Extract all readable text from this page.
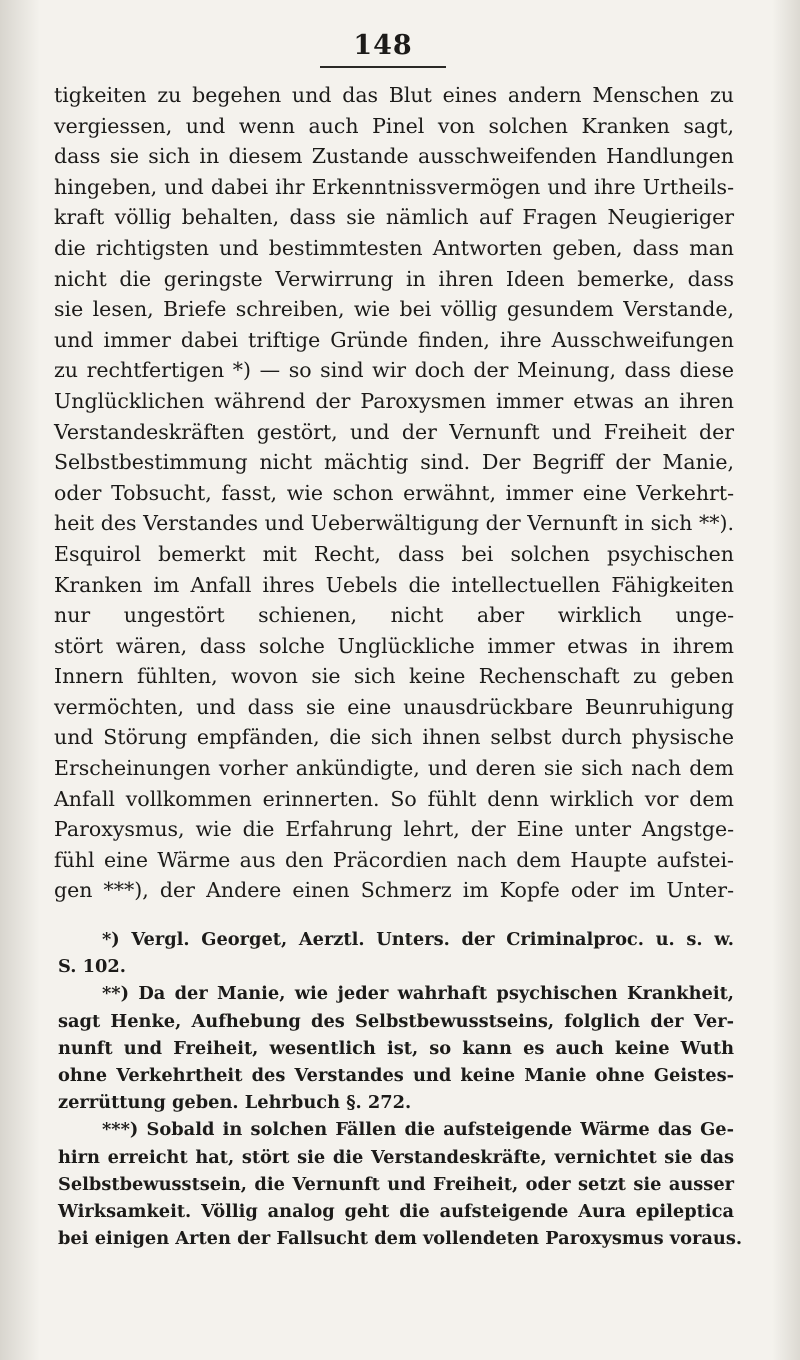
148
tigkeiten zu begehen und das Blut eines andern Menschen zu
vergiessen, und wenn auch Pinel von solchen Kranken sagt,
dass sie sich in diesem Zustande ausschweifenden Handlungen
hingeben, und dabei ihr Erkenntnissvermögen und ihre Urtheils-
kraft völlig behalten, dass sie nämlich auf Fragen Neugieriger
die richtigsten und bestimmtesten Antworten geben, dass man
nicht die geringste Verwirrung in ihren Ideen bemerke, dass
sie lesen, Briefe schreiben, wie bei völlig gesundem Verstande,
und immer dabei triftige Gründe finden, ihre Ausschweifungen
zu rechtfertigen *) — so sind wir doch der Meinung, dass diese
Unglücklichen während der Paroxysmen immer etwas an ihren
Verstandeskräften gestört, und der Vernunft und Freiheit der
Selbstbestimmung nicht mächtig sind. Der Begriff der Manie,
oder Tobsucht, fasst, wie schon erwähnt, immer eine Verkehrt-
heit des Verstandes und Ueberwältigung der Vernunft in sich **).
Esquirol bemerkt mit Recht, dass bei solchen psychischen
Kranken im Anfall ihres Uebels die intellectuellen Fähigkeiten
nur ungestört schienen, nicht aber wirklich unge-
stört wären, dass solche Unglückliche immer etwas in ihrem
Innern fühlten, wovon sie sich keine Rechenschaft zu geben
vermöchten, und dass sie eine unausdrückbare Beunruhigung
und Störung empfänden, die sich ihnen selbst durch physische
Erscheinungen vorher ankündigte, und deren sie sich nach dem
Anfall vollkommen erinnerten. So fühlt denn wirklich vor dem
Paroxysmus, wie die Erfahrung lehrt, der Eine unter Angstge-
fühl eine Wärme aus den Präcordien nach dem Haupte aufstei-
gen ***), der Andere einen Schmerz im Kopfe oder im Unter-
*) Vergl. Georget, Aerztl. Unters. der Criminalproc. u. s. w.
S. 102.
**) Da der Manie, wie jeder wahrhaft psychischen Krankheit,
sagt Henke, Aufhebung des Selbstbewusstseins, folglich der Ver-
nunft und Freiheit, wesentlich ist, so kann es auch keine Wuth
ohne Verkehrtheit des Verstandes und keine Manie ohne Geistes-
zerrüttung geben. Lehrbuch §. 272.
***) Sobald in solchen Fällen die aufsteigende Wärme das Ge-
hirn erreicht hat, stört sie die Verstandeskräfte, vernichtet sie das
Selbstbewusstsein, die Vernunft und Freiheit, oder setzt sie ausser
Wirksamkeit. Völlig analog geht die aufsteigende Aura epileptica
bei einigen Arten der Fallsucht dem vollendeten Paroxysmus voraus.
